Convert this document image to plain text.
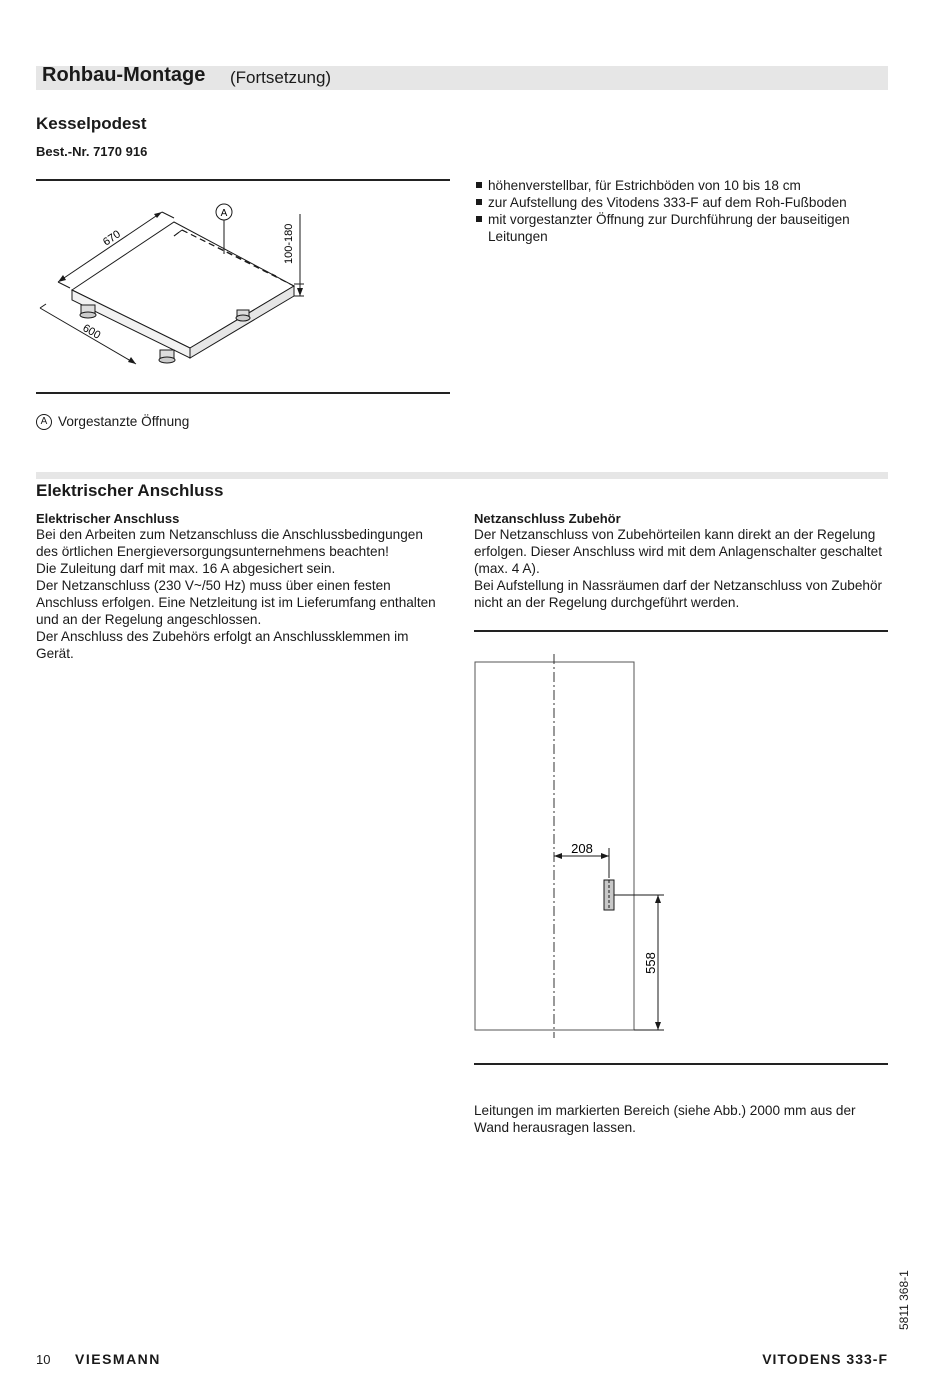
Rohbau-Montage (Fortsetzung)
Kesselpodest
Best.-Nr. 7170 916
A
670
600
100-180
höhenverstellbar, für Estrichböden von 10 bis 18 cm
zur Aufstellung des Vitodens 333-F auf dem Roh-Fußboden
mit vorgestanzter Öffnung zur Durchführung der bauseitigen Leitungen
A Vorgestanzte Öffnung
Elektrischer Anschluss
Elektrischer Anschluss
Bei den Arbeiten zum Netzanschluss die Anschlussbedingungen des örtlichen Energieversorgungsunternehmens beachten!
Die Zuleitung darf mit max. 16 A abgesichert sein.
Der Netzanschluss (230 V~/50 Hz) muss über einen festen Anschluss erfolgen. Eine Netzleitung ist im Lieferumfang enthalten und an der Regelung angeschlossen.
Der Anschluss des Zubehörs erfolgt an Anschlussklemmen im Gerät.
Netzanschluss Zubehör
Der Netzanschluss von Zubehörteilen kann direkt an der Regelung erfolgen. Dieser Anschluss wird mit dem Anlagenschalter geschaltet (max. 4 A).
Bei Aufstellung in Nassräumen darf der Netzanschluss von Zubehör nicht an der Regelung durchgeführt werden.
208
558
Leitungen im markierten Bereich (siehe Abb.) 2000 mm aus der Wand herausragen lassen.
5811 368-1
10 VIESMANN	VITODENS 333-F
